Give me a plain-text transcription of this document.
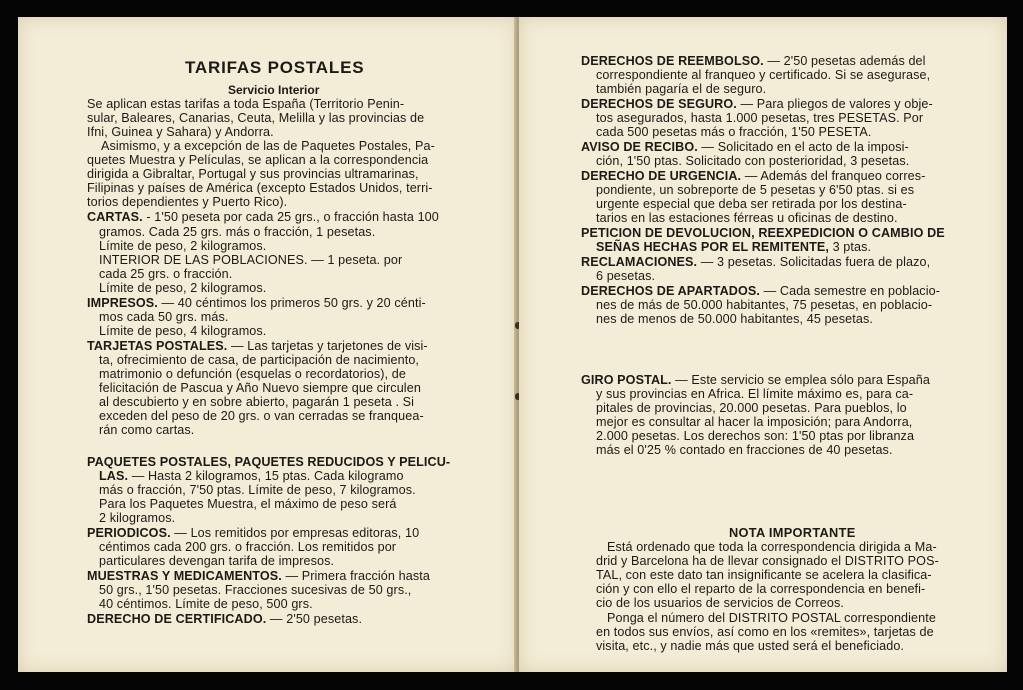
TARIFAS POSTALES
Servicio Interior
Se aplican estas tarifas a toda España (Territorio Penin-
sular, Baleares, Canarias, Ceuta, Melilla y las provincias de
Ifni, Guinea y Sahara) y Andorra.
Asimismo, y a excepción de las de Paquetes Postales, Pa-
quetes Muestra y Películas, se aplican a la correspondencia
dirigida a Gibraltar, Portugal y sus provincias ultramarinas,
Filipinas y países de América (excepto Estados Unidos, terri-
torios dependientes y Puerto Rico).
CARTAS. - 1'50 peseta por cada 25 grs., o fracción hasta 100
gramos. Cada 25 grs. más o fracción, 1 pesetas.
Límite de peso, 2 kilogramos.
INTERIOR DE LAS POBLACIONES. — 1 peseta. por
cada 25 grs. o fracción.
Límite de peso, 2 kilogramos.
IMPRESOS. — 40 céntimos los primeros 50 grs. y 20 cénti-
mos cada 50 grs. más.
Límite de peso, 4 kilogramos.
TARJETAS POSTALES. — Las tarjetas y tarjetones de visi-
ta, ofrecimiento de casa, de participación de nacimiento,
matrimonio o defunción (esquelas o recordatorios), de
felicitación de Pascua y Año Nuevo siempre que circulen
al descubierto y en sobre abierto, pagarán 1 peseta . Si
exceden del peso de 20 grs. o van cerradas se franquea-
rán como cartas.
PAQUETES POSTALES, PAQUETES REDUCIDOS Y PELICU-
LAS. — Hasta 2 kilogramos, 15 ptas. Cada kilogramo
más o fracción, 7'50 ptas. Límite de peso, 7 kilogramos.
Para los Paquetes Muestra, el máximo de peso será
2 kilogramos.
PERIODICOS. — Los remitidos por empresas editoras, 10
céntimos cada 200 grs. o fracción. Los remitidos por
particulares devengan tarifa de impresos.
MUESTRAS Y MEDICAMENTOS. — Primera fracción hasta
50 grs., 1'50 pesetas. Fracciones sucesivas de 50 grs.,
40 céntimos. Límite de peso, 500 grs.
DERECHO DE CERTIFICADO. — 2'50 pesetas.
DERECHOS DE REEMBOLSO. — 2'50 pesetas además del
correspondiente al franqueo y certificado. Si se asegurase,
también pagaría el de seguro.
DERECHOS DE SEGURO. — Para pliegos de valores y obje-
tos asegurados, hasta 1.000 pesetas, tres PESETAS. Por
cada 500 pesetas más o fracción, 1'50 PESETA.
AVISO DE RECIBO. — Solicitado en el acto de la imposi-
ción, 1'50 ptas. Solicitado con posterioridad, 3 pesetas.
DERECHO DE URGENCIA. — Además del franqueo corres-
pondiente, un sobreporte de 5 pesetas y 6'50 ptas. si es
urgente especial que deba ser retirada por los destina-
tarios en las estaciones férreas u oficinas de destino.
PETICION DE DEVOLUCION, REEXPEDICION O CAMBIO DE
SEÑAS HECHAS POR EL REMITENTE, 3 ptas.
RECLAMACIONES. — 3 pesetas. Solicitadas fuera de plazo,
6 pesetas.
DERECHOS DE APARTADOS. — Cada semestre en poblacio-
nes de más de 50.000 habitantes, 75 pesetas, en poblacio-
nes de menos de 50.000 habitantes, 45 pesetas.
GIRO POSTAL. — Este servicio se emplea sólo para España
y sus provincias en Africa. El límite máximo es, para ca-
pitales de provincias, 20.000 pesetas. Para pueblos, lo
mejor es consultar al hacer la imposición; para Andorra,
2.000 pesetas. Los derechos son: 1'50 ptas por libranza
más el 0'25 % contado en fracciones de 40 pesetas.
NOTA IMPORTANTE
Está ordenado que toda la correspondencia dirigida a Ma-
drid y Barcelona ha de llevar consignado el DISTRITO POS-
TAL, con este dato tan insignificante se acelera la clasifica-
ción y con ello el reparto de la correspondencia en benefi-
cio de los usuarios de servicios de Correos.
Ponga el número del DISTRITO POSTAL correspondiente
en todos sus envíos, así como en los «remites», tarjetas de
visita, etc., y nadie más que usted será el beneficiado.
